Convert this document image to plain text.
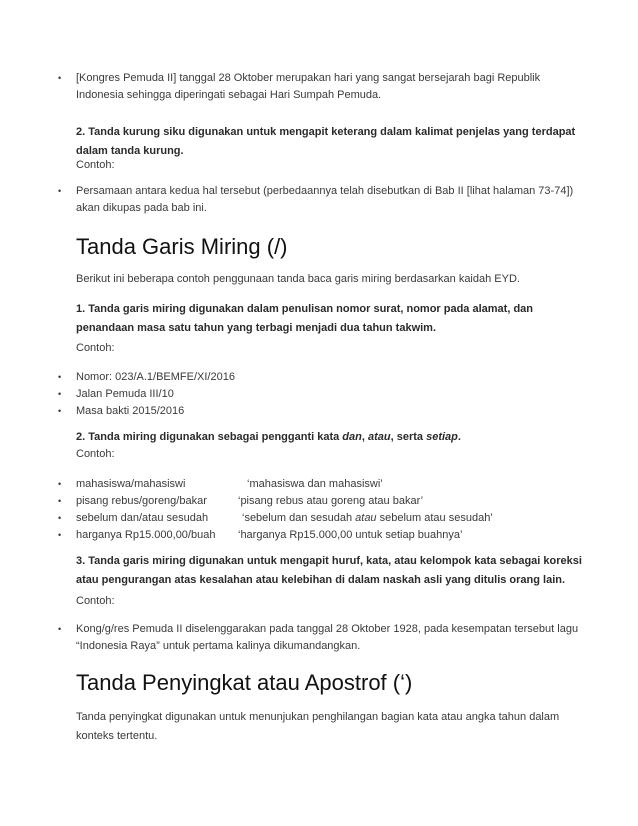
• [Kongres Pemuda II] tanggal 28 Oktober merupakan hari yang sangat bersejarah bagi Republik
Indonesia sehingga diperingati sebagai Hari Sumpah Pemuda.
2. Tanda kurung siku digunakan untuk mengapit keterang dalam kalimat penjelas yang terdapat
dalam tanda kurung.
Contoh:
• Persamaan antara kedua hal tersebut (perbedaannya telah disebutkan di Bab II [lihat halaman 73-74])
akan dikupas pada bab ini.
Tanda Garis Miring (/)
Berikut ini beberapa contoh penggunaan tanda baca garis miring berdasarkan kaidah EYD.
1. Tanda garis miring digunakan dalam penulisan nomor surat, nomor pada alamat, dan
penandaan masa satu tahun yang terbagi menjadi dua tahun takwim.
Contoh:
• Nomor: 023/A.1/BEMFE/XI/2016
• Jalan Pemuda III/10
• Masa bakti 2015/2016
2. Tanda miring digunakan sebagai pengganti kata dan, atau, serta setiap.
Contoh:
• mahasiswa/mahasiswi	‘mahasiswa dan mahasiswi’
• pisang rebus/goreng/bakar	‘pisang rebus atau goreng atau bakar’
• sebelum dan/atau sesudah	‘sebelum dan sesudah atau sebelum atau sesudah’
• harganya Rp15.000,00/buah ‘harganya Rp15.000,00 untuk setiap buahnya’
3. Tanda garis miring digunakan untuk mengapit huruf, kata, atau kelompok kata sebagai koreksi
atau pengurangan atas kesalahan atau kelebihan di dalam naskah asli yang ditulis orang lain.
Contoh:
• Kong/g/res Pemuda II diselenggarakan pada tanggal 28 Oktober 1928, pada kesempatan tersebut lagu
“Indonesia Raya” untuk pertama kalinya dikumandangkan.
Tanda Penyingkat atau Apostrof (‘)
Tanda penyingkat digunakan untuk menunjukan penghilangan bagian kata atau angka tahun dalam
konteks tertentu.
